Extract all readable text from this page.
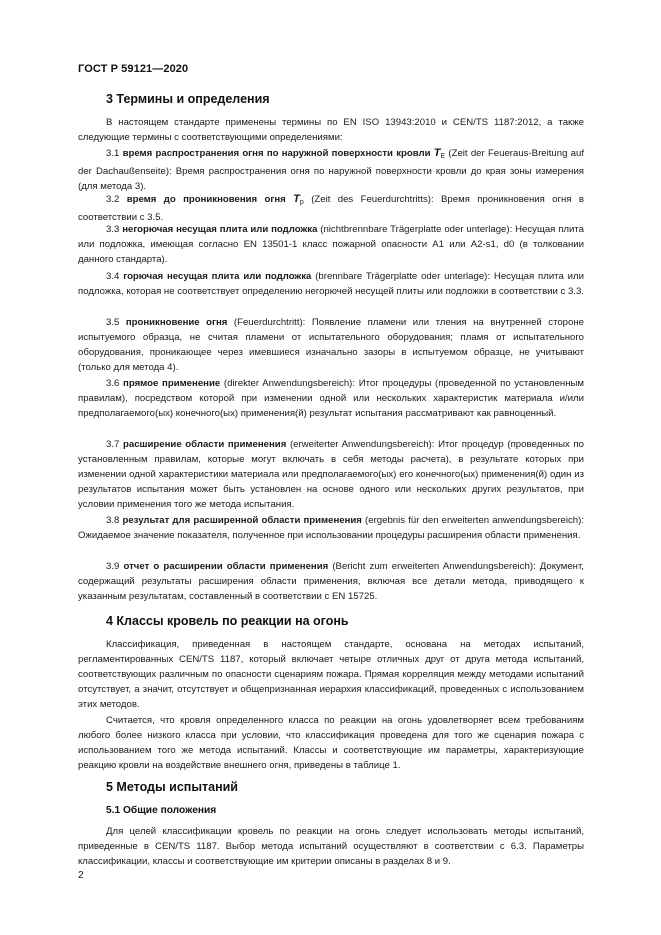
ГОСТ Р 59121—2020
3 Термины и определения
В настоящем стандарте применены термины по EN ISO 13943:2010 и CEN/TS 1187:2012, а также следующие термины с соответствующими определениями:
3.1 время распространения огня по наружной поверхности кровли $T_E$ (Zeit der Feueraus-Breitung auf der Dachaußenseite): Время распространения огня по наружной поверхности кровли до края зоны измерения (для метода 3).
3.2 время до проникновения огня $T_p$ (Zeit des Feuerdurchtritts): Время проникновения огня в соответствии с 3.5.
3.3 негорючая несущая плита или подложка (nichtbrennbare Trägerplatte oder unterlage): Несущая плита или подложка, имеющая согласно EN 13501-1 класс пожарной опасности A1 или A2-s1, d0 (в толковании данного стандарта).
3.4 горючая несущая плита или подложка (brennbare Trägerplatte oder unterlage): Несущая плита или подложка, которая не соответствует определению негорючей несущей плиты или подложки в соответствии с 3.3.
3.5 проникновение огня (Feuerdurchtritt): Появление пламени или тления на внутренней стороне испытуемого образца, не считая пламени от испытательного оборудования; пламя от испытательного оборудования, проникающее через имевшиеся изначально зазоры в испытуемом образце, не учитывают (только для метода 4).
3.6 прямое применение (direkter Anwendungsbereich): Итог процедуры (проведенной по установленным правилам), посредством которой при изменении одной или нескольких характеристик материала и/или предполагаемого(ых) конечного(ых) применения(й) результат испытания рассматривают как равноценный.
3.7 расширение области применения (erweiterter Anwendungsbereich): Итог процедур (проведенных по установленным правилам, которые могут включать в себя методы расчета), в результате которых при изменении одной характеристики материала или предполагаемого(ых) его конечного(ых) применения(й) один из результатов испытания может быть установлен на основе одного или нескольких других результатов, при условии применения того же метода испытания.
3.8 результат для расширенной области применения (ergebnis für den erweiterten anwendungsbereich): Ожидаемое значение показателя, полученное при использовании процедуры расширения области применения.
3.9 отчет о расширении области применения (Bericht zum erweiterten Anwendungsbereich): Документ, содержащий результаты расширения области применения, включая все детали метода, приводящего к указанным результатам, составленный в соответствии с EN 15725.
4 Классы кровель по реакции на огонь
Классификация, приведенная в настоящем стандарте, основана на методах испытаний, регламентированных CEN/TS 1187, который включает четыре отличных друг от друга метода испытаний, соответствующих различным по опасности сценариям пожара. Прямая корреляция между методами испытаний отсутствует, а значит, отсутствует и общепризнанная иерархия классификаций, проведенных с использованием этих методов.
Считается, что кровля определенного класса по реакции на огонь удовлетворяет всем требованиям любого более низкого класса при условии, что классификация проведена для того же сценария пожара с использованием того же метода испытаний. Классы и соответствующие им параметры, характеризующие реакцию кровли на воздействие внешнего огня, приведены в таблице 1.
5 Методы испытаний
5.1 Общие положения
Для целей классификации кровель по реакции на огонь следует использовать методы испытаний, приведенные в CEN/TS 1187. Выбор метода испытаний осуществляют в соответствии с 6.3. Параметры классификации, классы и соответствующие им критерии описаны в разделах 8 и 9.
2
